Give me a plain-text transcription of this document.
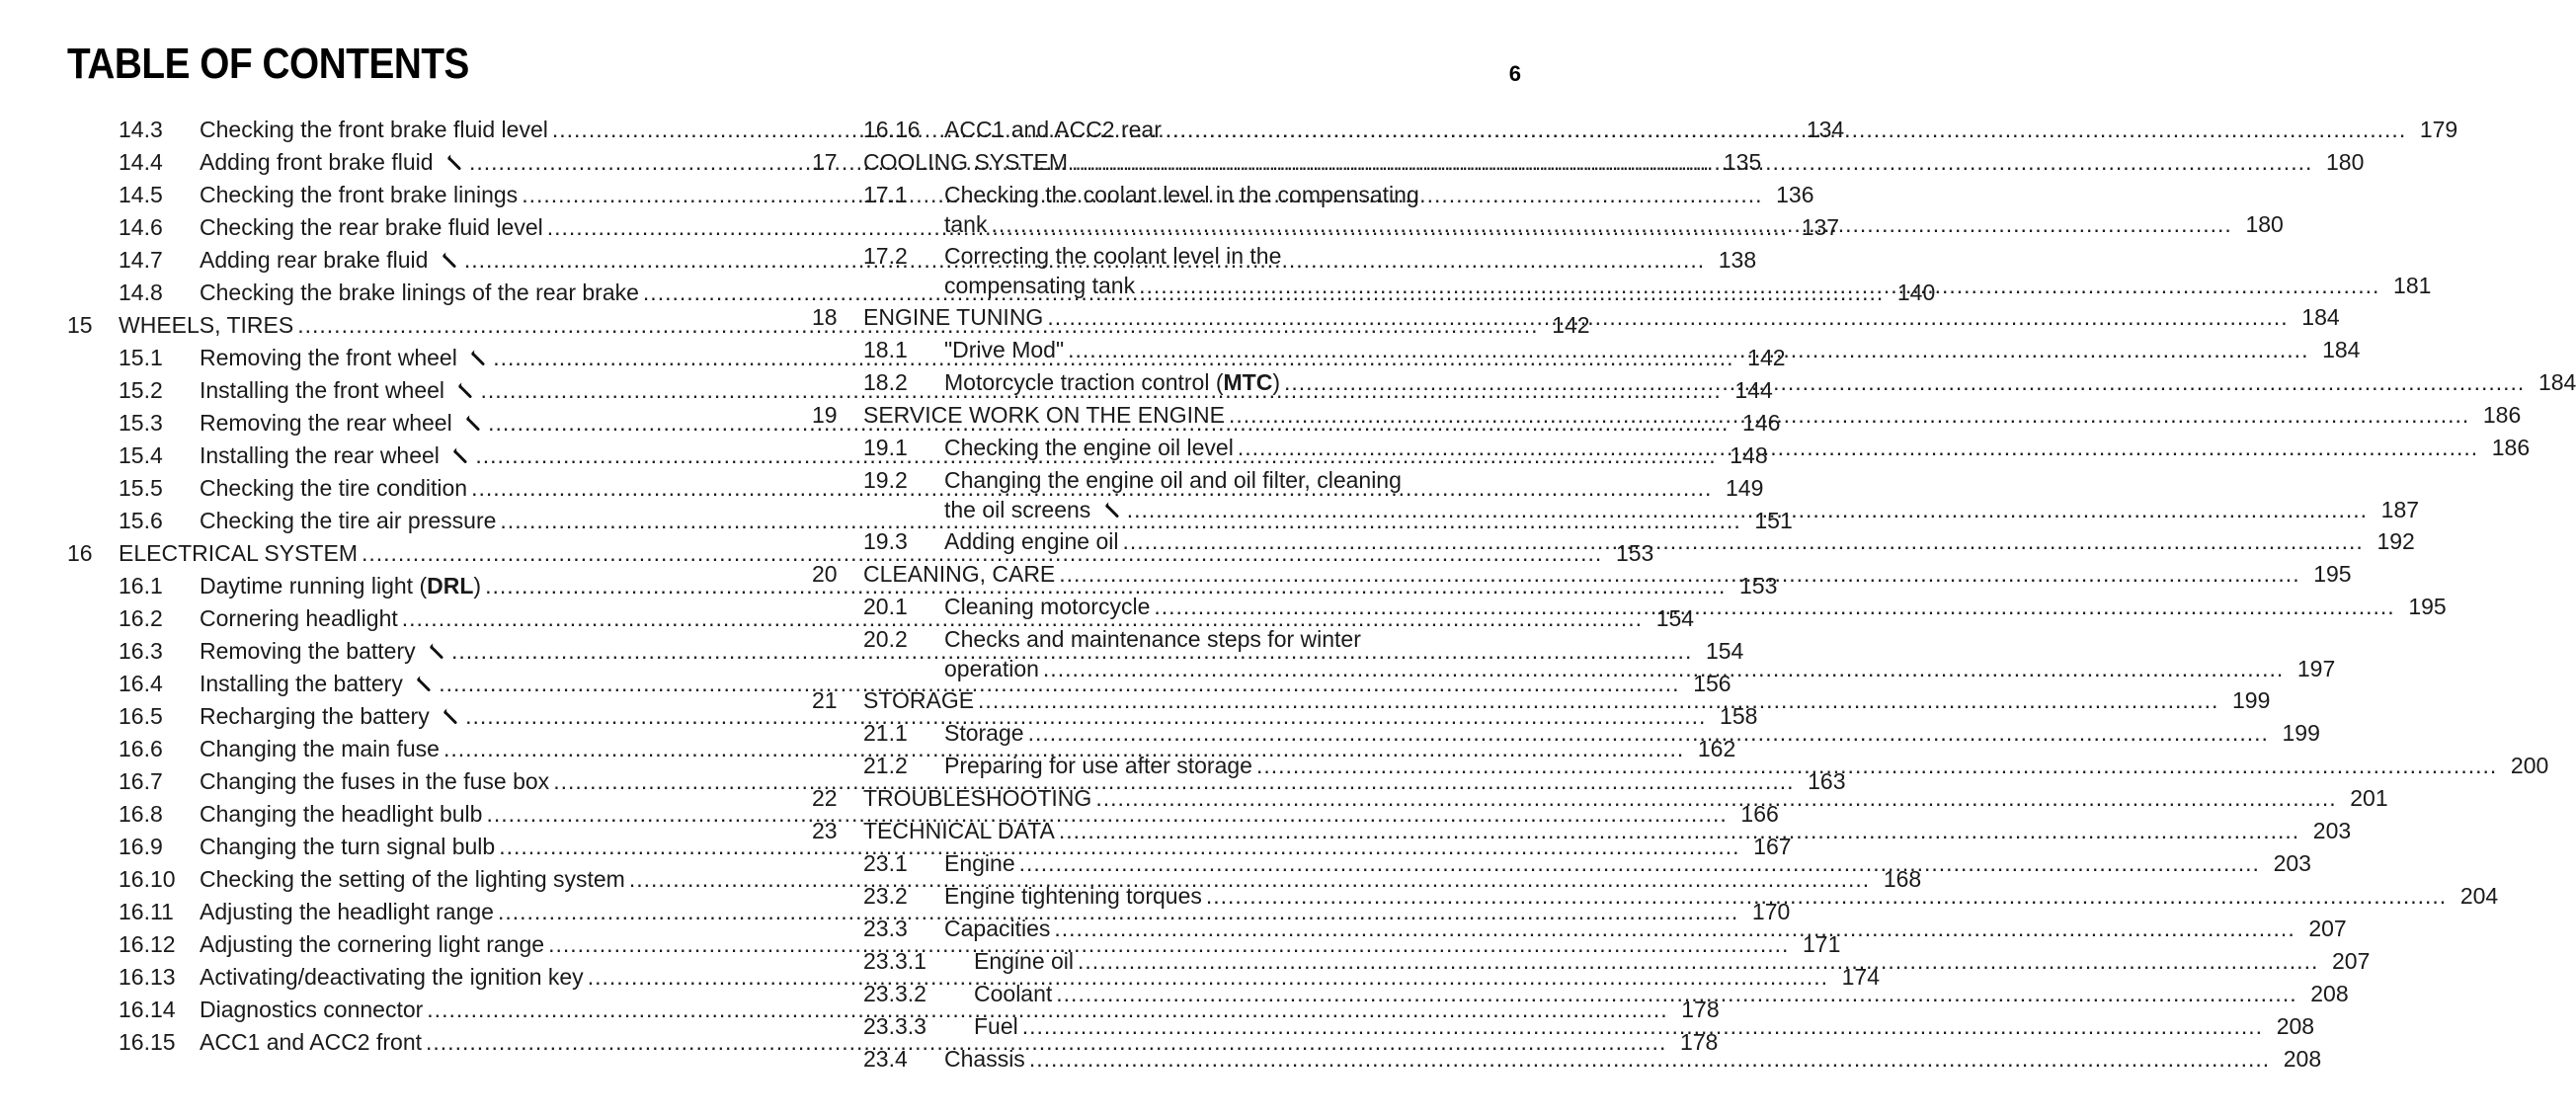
TABLE OF CONTENTS	6
14.3	Checking the front brake fluid level .....	134
14.4	Adding front brake fluid .....	135
14.5	Checking the front brake linings .....	136
14.6	Checking the rear brake fluid level .....	137
14.7	Adding rear brake fluid .....	138
14.8	Checking the brake linings of the rear brake .....	140
15	WHEELS, TIRES .....	142
15.1	Removing the front wheel .....	142
15.2	Installing the front wheel .....	144
15.3	Removing the rear wheel .....	146
15.4	Installing the rear wheel .....	148
15.5	Checking the tire condition .....	149
15.6	Checking the tire air pressure .....	151
16	ELECTRICAL SYSTEM .....	153
16.1	Daytime running light (DRL) .....	153
16.2	Cornering headlight .....	154
16.3	Removing the battery .....	154
16.4	Installing the battery .....	156
16.5	Recharging the battery .....	158
16.6	Changing the main fuse .....	162
16.7	Changing the fuses in the fuse box .....	163
16.8	Changing the headlight bulb .....	166
16.9	Changing the turn signal bulb .....	167
16.10	Checking the setting of the lighting system .....	168
16.11	Adjusting the headlight range .....	170
16.12	Adjusting the cornering light range .....	171
16.13	Activating/deactivating the ignition key .....	174
16.14	Diagnostics connector .....	178
16.15	ACC1 and ACC2 front .....	178
16.16	ACC1 and ACC2 rear .....	179
17	COOLING SYSTEM .....	180
17.1	Checking the coolant level in the compensating
tank .....	180
17.2	Correcting the coolant level in the
compensating tank .....	181
18	ENGINE TUNING .....	184
18.1	"Drive Mod" .....	184
18.2	Motorcycle traction control (MTC) .....	184
19	SERVICE WORK ON THE ENGINE .....	186
19.1	Checking the engine oil level .....	186
19.2	Changing the engine oil and oil filter, cleaning
the oil screens .....	187
19.3	Adding engine oil .....	192
20	CLEANING, CARE .....	195
20.1	Cleaning motorcycle .....	195
20.2	Checks and maintenance steps for winter
operation .....	197
21	STORAGE .....	199
21.1	Storage .....	199
21.2	Preparing for use after storage .....	200
22	TROUBLESHOOTING .....	201
23	TECHNICAL DATA .....	203
23.1	Engine .....	203
23.2	Engine tightening torques .....	204
23.3	Capacities .....	207
23.3.1	Engine oil .....	207
23.3.2	Coolant .....	208
23.3.3	Fuel .....	208
23.4	Chassis .....	208
